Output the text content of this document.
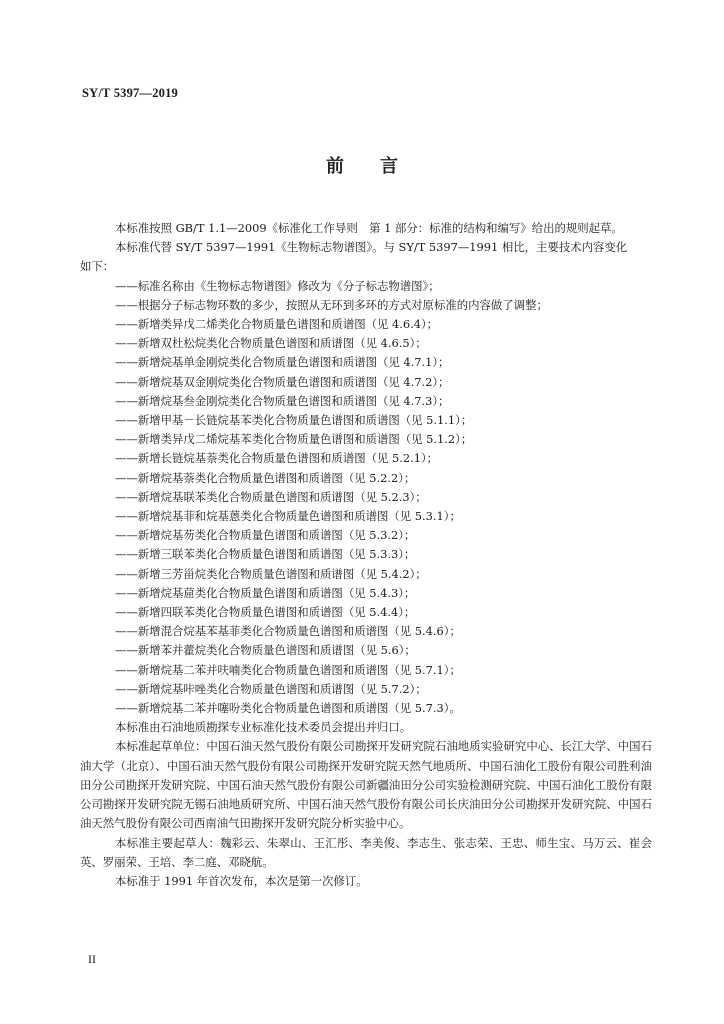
SY/T 5397—2019
前言

本标准按照 GB/T 1.1—2009《标准化工作导则　第 1 部分：标准的结构和编写》给出的规则起草。

本标准代替 SY/T 5397—1991《生物标志物谱图》。与 SY/T 5397—1991 相比，主要技术内容变化

如下：

——标准名称由《生物标志物谱图》修改为《分子标志物谱图》；

——根据分子标志物环数的多少，按照从无环到多环的方式对原标准的内容做了调整；

——新增类异戊二烯类化合物质量色谱图和质谱图（见 4.6.4）；

——新增双杜松烷类化合物质量色谱图和质谱图（见 4.6.5）；

——新增烷基单金刚烷类化合物质量色谱图和质谱图（见 4.7.1）；

——新增烷基双金刚烷类化合物质量色谱图和质谱图（见 4.7.2）；

——新增烷基叁金刚烷类化合物质量色谱图和质谱图（见 4.7.3）；

——新增甲基－长链烷基苯类化合物质量色谱图和质谱图（见 5.1.1）；

——新增类异戊二烯烷基苯类化合物质量色谱图和质谱图（见 5.1.2）；

——新增长链烷基萘类化合物质量色谱图和质谱图（见 5.2.1）；

——新增烷基萘类化合物质量色谱图和质谱图（见 5.2.2）；

——新增烷基联苯类化合物质量色谱图和质谱图（见 5.2.3）；

——新增烷基菲和烷基蒽类化合物质量色谱图和质谱图（见 5.3.1）；

——新增烷基芴类化合物质量色谱图和质谱图（见 5.3.2）；

——新增三联苯类化合物质量色谱图和质谱图（见 5.3.3）；

——新增三芳甾烷类化合物质量色谱图和质谱图（见 5.4.2）；

——新增烷基䓛类化合物质量色谱图和质谱图（见 5.4.3）；

——新增四联苯类化合物质量色谱图和质谱图（见 5.4.4）；

——新增混合烷基苯基菲类化合物质量色谱图和质谱图（见 5.4.6）；

——新增苯并藿烷类化合物质量色谱图和质谱图（见 5.6）；

——新增烷基二苯并呋喃类化合物质量色谱图和质谱图（见 5.7.1）；

——新增烷基咔唑类化合物质量色谱图和质谱图（见 5.7.2）；

——新增烷基二苯并噻吩类化合物质量色谱图和质谱图（见 5.7.3）。

本标准由石油地质勘探专业标准化技术委员会提出并归口。

本标准起草单位：中国石油天然气股份有限公司勘探开发研究院石油地质实验研究中心、长江大学、中国石油大学（北京）、中国石油天然气股份有限公司勘探开发研究院天然气地质所、中国石油化工股份有限公司胜利油田分公司勘探开发研究院、中国石油天然气股份有限公司新疆油田分公司实验检测研究院、中国石油化工股份有限公司勘探开发研究院无锡石油地质研究所、中国石油天然气股份有限公司长庆油田分公司勘探开发研究院、中国石油天然气股份有限公司西南油气田勘探开发研究院分析实验中心。

本标准主要起草人：魏彩云、朱翠山、王汇彤、李美俊、李志生、张志荣、王忠、师生宝、马万云、崔会英、罗丽荣、王培、李二庭、邓晓航。

本标准于 1991 年首次发布，本次是第一次修订。

II
